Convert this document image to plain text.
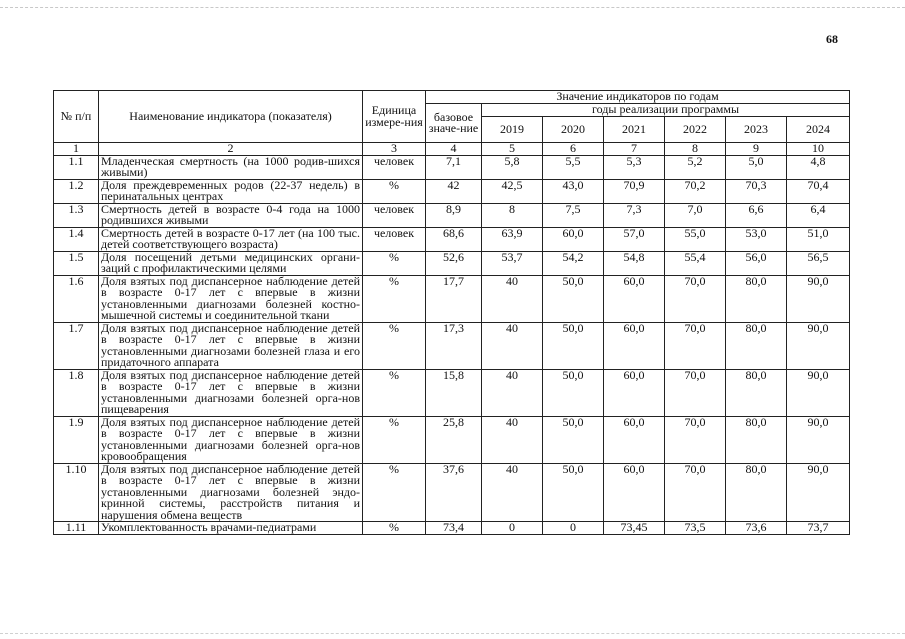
68
№ п/п	Наименование индикатора (показателя)	Единица измере-ния	Значение индикаторов по годам						
			базовое значе-ние	годы реализации программы					
				2019	2020	2021	2022	2023	2024
1	2	3	4	5	6	7	8	9	10
1.1	Младенческая смертность (на 1000 родив-шихся живыми)	человек	7,1	5,8	5,5	5,3	5,2	5,0	4,8
1.2	Доля преждевременных родов (22-37 недель) в перинатальных центрах	%	42	42,5	43,0	70,9	70,2	70,3	70,4
1.3	Смертность детей в возрасте 0-4 года на 1000 родившихся живыми	человек	8,9	8	7,5	7,3	7,0	6,6	6,4
1.4	Смертность детей в возрасте 0-17 лет (на 100 тыс. детей соответствующего возраста)	человек	68,6	63,9	60,0	57,0	55,0	53,0	51,0
1.5	Доля посещений детьми медицинских органи-заций с профилактическими целями	%	52,6	53,7	54,2	54,8	55,4	56,0	56,5
1.6	Доля взятых под диспансерное наблюдение детей в возрасте 0-17 лет с впервые в жизни установленными диагнозами болезней костно-мышечной системы и соединительной ткани	%	17,7	40	50,0	60,0	70,0	80,0	90,0
1.7	Доля взятых под диспансерное наблюдение детей в возрасте 0-17 лет с впервые в жизни установленными диагнозами болезней глаза и его придаточного аппарата	%	17,3	40	50,0	60,0	70,0	80,0	90,0
1.8	Доля взятых под диспансерное наблюдение детей в возрасте 0-17 лет с впервые в жизни установленными диагнозами болезней орга-нов пищеварения	%	15,8	40	50,0	60,0	70,0	80,0	90,0
1.9	Доля взятых под диспансерное наблюдение детей в возрасте 0-17 лет с впервые в жизни установленными диагнозами болезней орга-нов кровообращения	%	25,8	40	50,0	60,0	70,0	80,0	90,0
1.10	Доля взятых под диспансерное наблюдение детей в возрасте 0-17 лет с впервые в жизни установленными диагнозами болезней эндо-кринной системы, расстройств питания и нарушения обмена веществ	%	37,6	40	50,0	60,0	70,0	80,0	90,0
1.11	Укомплектованность врачами-педиатрами	%	73,4	0	0	73,45	73,5	73,6	73,7
